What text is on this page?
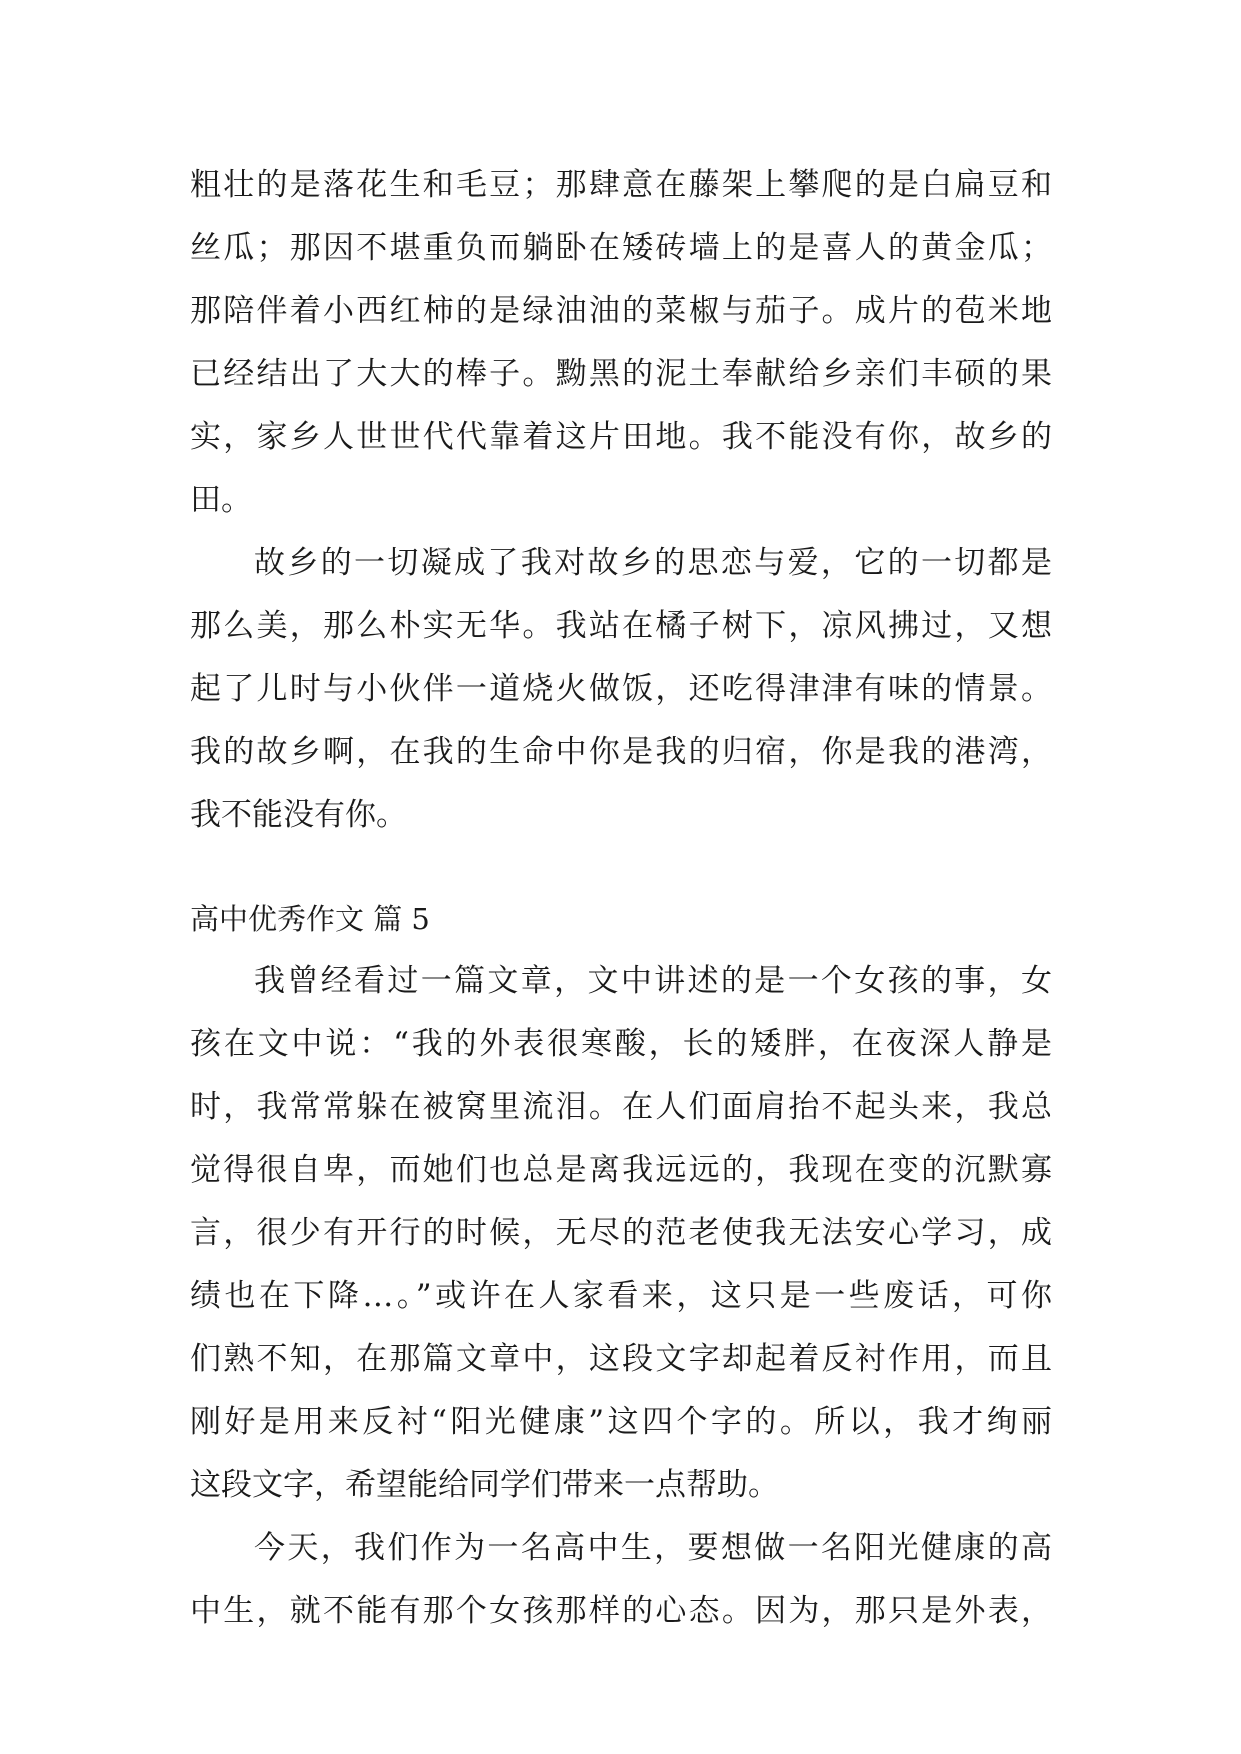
粗壮的是落花生和毛豆；那肆意在藤架上攀爬的是白扁豆和
丝瓜；那因不堪重负而躺卧在矮砖墙上的是喜人的黄金瓜；
那陪伴着小西红柿的是绿油油的菜椒与茄子。成片的苞米地
已经结出了大大的棒子。黝黑的泥土奉献给乡亲们丰硕的果
实，家乡人世世代代靠着这片田地。我不能没有你，故乡的
田。
故乡的一切凝成了我对故乡的思恋与爱，它的一切都是
那么美，那么朴实无华。我站在橘子树下，凉风拂过，又想
起了儿时与小伙伴一道烧火做饭，还吃得津津有味的情景。
我的故乡啊，在我的生命中你是我的归宿，你是我的港湾，
我不能没有你。
高中优秀作文 篇 5
我曾经看过一篇文章，文中讲述的是一个女孩的事，女
孩在文中说：“我的外表很寒酸，长的矮胖，在夜深人静是
时，我常常躲在被窝里流泪。在人们面肩抬不起头来，我总
觉得很自卑，而她们也总是离我远远的，我现在变的沉默寡
言，很少有开行的时候，无尽的范老使我无法安心学习，成
绩也在下降…。”或许在人家看来，这只是一些废话，可你
们熟不知，在那篇文章中，这段文字却起着反衬作用，而且
刚好是用来反衬“阳光健康”这四个字的。所以，我才绚丽
这段文字，希望能给同学们带来一点帮助。
今天，我们作为一名高中生，要想做一名阳光健康的高
中生，就不能有那个女孩那样的心态。因为，那只是外表，
